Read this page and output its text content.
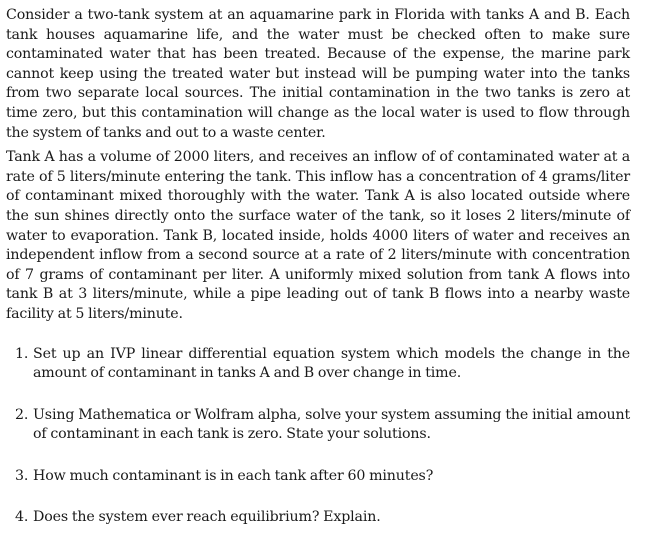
Consider a two-tank system at an aquamarine park in Florida with tanks A and B. Each tank houses aquamarine life, and the water must be checked often to make sure contaminated water that has been treated. Because of the expense, the marine park cannot keep using the treated water but instead will be pumping water into the tanks from two separate local sources. The initial contamination in the two tanks is zero at time zero, but this contamination will change as the local water is used to flow through the system of tanks and out to a waste center.

Tank A has a volume of 2000 liters, and receives an inflow of of contaminated water at a rate of 5 liters/minute entering the tank. This inflow has a concentration of 4 grams/liter of contaminant mixed thoroughly with the water. Tank A is also located outside where the sun shines directly onto the surface water of the tank, so it loses 2 liters/minute of water to evaporation. Tank B, located inside, holds 4000 liters of water and receives an independent inflow from a second source at a rate of 2 liters/minute with concentration of 7 grams of contaminant per liter. A uniformly mixed solution from tank A flows into tank B at 3 liters/minute, while a pipe leading out of tank B flows into a nearby waste facility at 5 liters/minute.

1. Set up an IVP linear differential equation system which models the change in the amount of contaminant in tanks A and B over change in time.
2. Using Mathematica or Wolfram alpha, solve your system assuming the initial amount of contaminant in each tank is zero. State your solutions.
3. How much contaminant is in each tank after 60 minutes?
4. Does the system ever reach equilibrium? Explain.
